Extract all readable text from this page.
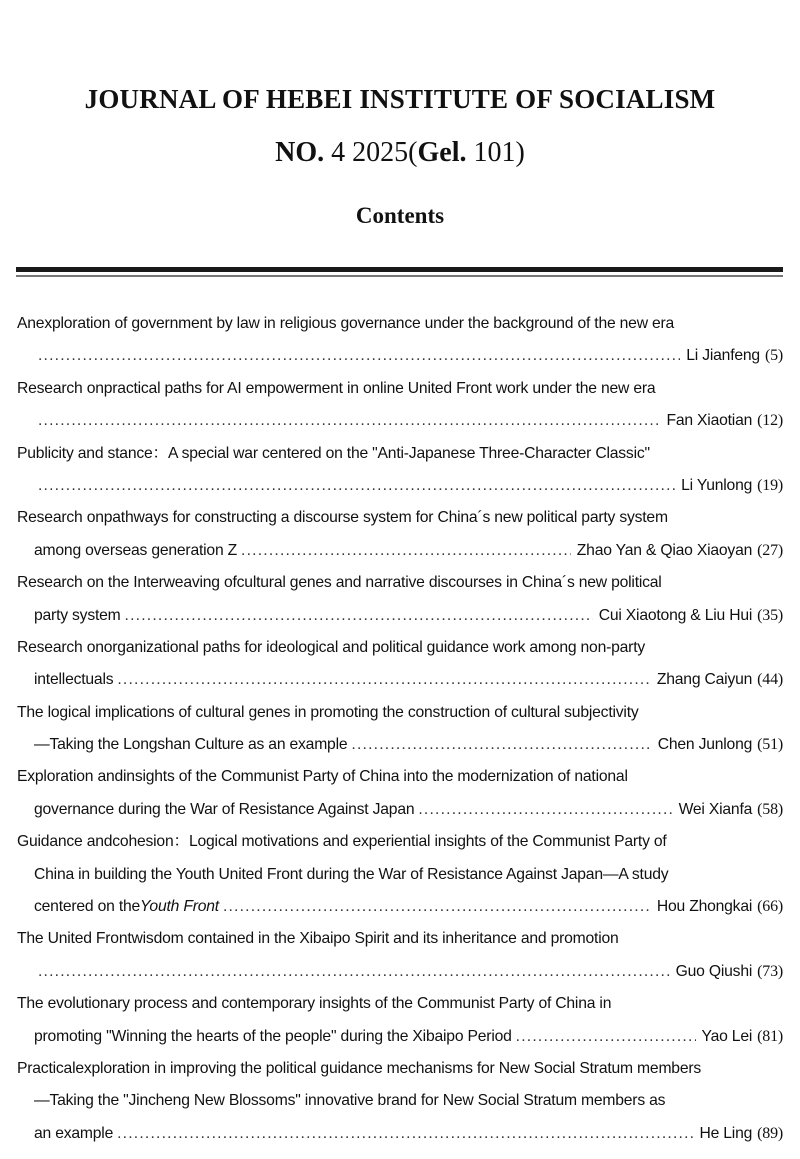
JOURNAL OF HEBEI INSTITUTE OF SOCIALISM
NO. 4 2025(Gel. 101)
Contents
Anexploration of government by law in religious governance under the background of the new era
.....
Li Jianfeng (5)
Research onpractical paths for AI empowerment in online United Front work under the new era
.....
Fan Xiaotian (12)
Publicity and stance：A special war centered on the "Anti-Japanese Three-Character Classic"
.....
Li Yunlong (19)
Research onpathways for constructing a discourse system for China´s new political party system
among overseas generation Z .....	Zhao Yan & Qiao Xiaoyan (27)
Research on the Interweaving ofcultural genes and narrative discourses in China´s new political
party system .....	Cui Xiaotong & Liu Hui (35)
Research onorganizational paths for ideological and political guidance work among non-party
intellectuals .....	Zhang Caiyun (44)
The logical implications of cultural genes in promoting the construction of cultural subjectivity
—Taking the Longshan Culture as an example .....	Chen Junlong (51)
Exploration andinsights of the Communist Party of China into the modernization of national
governance during the War of Resistance Against Japan .....	Wei Xianfa (58)
Guidance andcohesion：Logical motivations and experiential insights of the Communist Party of
China in building the Youth United Front during the War of Resistance Against Japan—A study
centered on the Youth Front .....	Hou Zhongkai (66)
The United Frontwisdom contained in the Xibaipo Spirit and its inheritance and promotion
.....
Guo Qiushi (73)
The evolutionary process and contemporary insights of the Communist Party of China in
promoting "Winning the hearts of the people" during the Xibaipo Period .....	Yao Lei (81)
Practicalexploration in improving the political guidance mechanisms for New Social Stratum members
—Taking the "Jincheng New Blossoms" innovative brand for New Social Stratum members as
an example .....	He Ling (89)
